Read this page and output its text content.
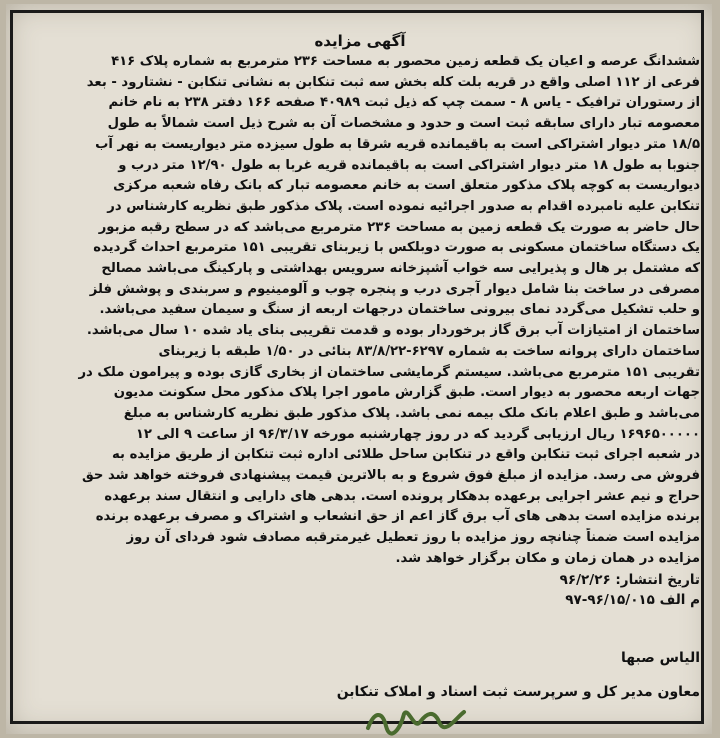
آگهی مزایده
ششدانگ عرصه و اعیان یک قطعه زمین محصور به مساحت ۲۳۶ مترمربع به شماره پلاک ۴۱۶
فرعی از ۱۱۲ اصلی واقع در قریه بلت کله بخش سه ثبت تنکابن به نشانی تنکابن - نشتارود - بعد
از رستوران ترافیک - یاس ۸ - سمت چپ که ذیل ثبت ۴۰۹۸۹ صفحه ۱۶۶ دفتر ۲۳۸ به نام خانم
معصومه تبار دارای سابقه ثبت است و حدود و مشخصات آن به شرح ذیل است شمالاً به طول
۱۸/۵ متر دیوار اشتراکی است به باقیمانده قریه شرقا به طول سیزده متر دیواریست به نهر آب
جنوبا به طول ۱۸ متر دیوار اشتراکی است به باقیمانده قریه غربا به طول ۱۲/۹۰ متر درب و
دیواریست به کوچه پلاک مذکور متعلق است به خانم معصومه تبار که بانک رفاه شعبه مرکزی
تنکابن علیه نامبرده اقدام به صدور اجرائیه نموده است. پلاک مذکور طبق نظریه کارشناس در
حال حاضر به صورت یک قطعه زمین به مساحت ۲۳۶ مترمربع می‌باشد که در سطح رقبه مزبور
یک دستگاه ساختمان مسکونی به صورت دوبلکس با زیربنای تقریبی ۱۵۱ مترمربع احداث گردیده
که مشتمل بر هال و پذیرایی سه خواب آشپزخانه سرویس بهداشتی و پارکینگ می‌باشد مصالح
مصرفی در ساخت بنا شامل دیوار آجری درب و پنجره چوب و آلومینیوم و سربندی و پوشش فلز
و حلب تشکیل می‌گردد نمای بیرونی ساختمان درجهات اربعه از سنگ و سیمان سفید می‌باشد.
ساختمان از امتیازات آب برق گاز برخوردار بوده و قدمت تقریبی بنای یاد شده ۱۰ سال می‌باشد.
ساختمان دارای پروانه ساخت به شماره ۶۲۹۷-۸۳/۸/۲۲ بنائی در ۱/۵۰ طبقه با زیربنای
تقریبی ۱۵۱ مترمربع می‌باشد. سیستم گرمایشی ساختمان از بخاری گازی بوده و پیرامون ملک در
جهات اربعه محصور به دیوار است. طبق گزارش مامور اجرا پلاک مذکور محل سکونت مدیون
می‌باشد و طبق اعلام بانک ملک بیمه نمی باشد. پلاک مذکور طبق نظریه کارشناس به مبلغ
۱۶۹۶۵۰۰۰۰۰ ریال ارزیابی گردید که در روز چهارشنبه مورخه ۹۶/۳/۱۷ از ساعت ۹ الی ۱۲
در شعبه اجرای ثبت تنکابن واقع در تنکابن ساحل طلائی اداره ثبت تنکابن از طریق مزایده به
فروش می رسد. مزایده از مبلغ فوق شروع و به بالاترین قیمت پیشنهادی فروخته خواهد شد حق
حراج و نیم عشر اجرایی برعهده بدهکار پرونده است. بدهی های دارایی و انتقال سند برعهده
برنده مزایده است بدهی های آب برق گاز اعم از حق انشعاب و اشتراک و مصرف برعهده برنده
مزایده است ضمناً چنانچه روز مزایده با روز تعطیل غیرمترقبه مصادف شود فردای آن روز
مزایده در همان زمان و مکان برگزار خواهد شد.
تاریخ انتشار: ۹۶/۲/۲۶
م الف ۹۶/۱۵/۰۱۵-۹۷
الیاس صبها
معاون مدیر کل و سرپرست ثبت اسناد و املاک تنکابن
